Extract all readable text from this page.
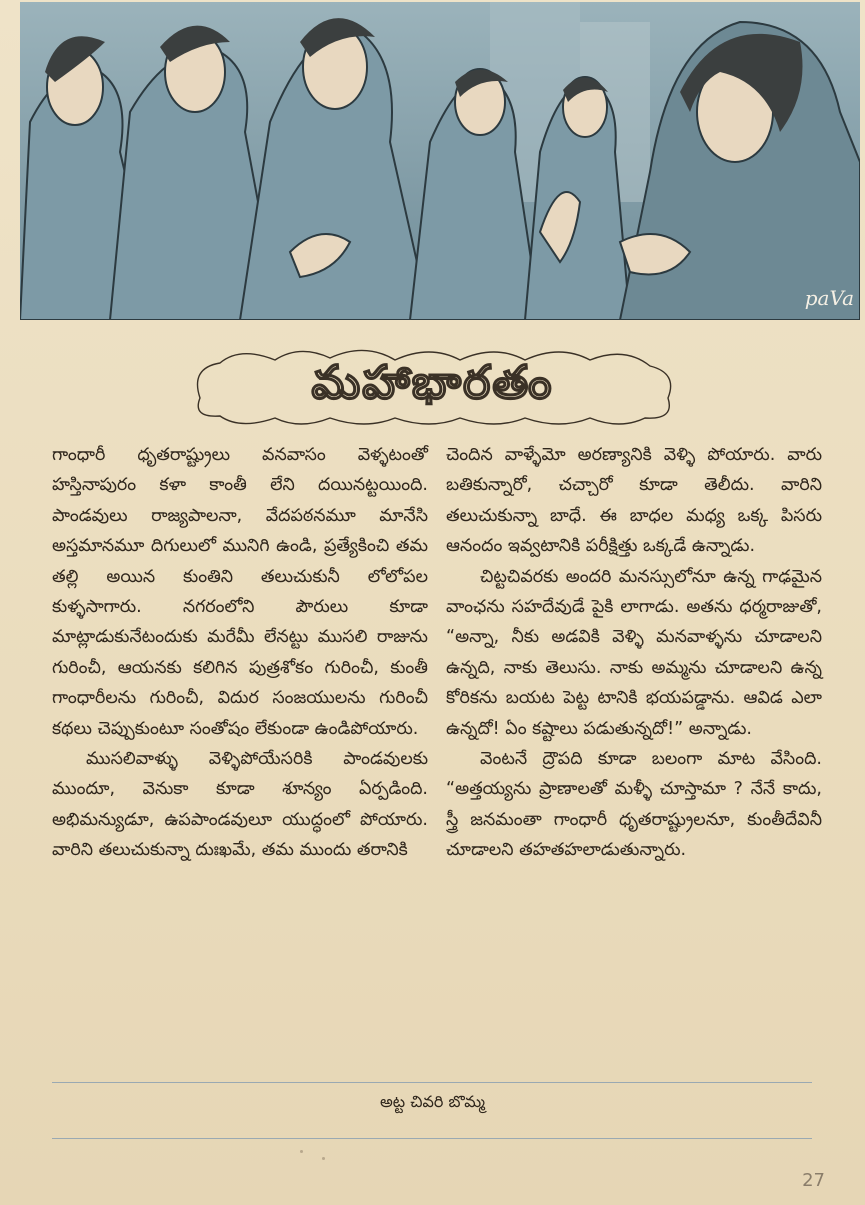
paVa
మహాభారతం

గాంధారీ ధృతరాష్ట్రులు వనవాసం వెళ్ళటంతో హస్తినాపురం కళా కాంతీ లేని దయినట్టయింది. పాండవులు రాజ్యపాలనా, వేదపఠనమూ మానేసి అస్తమానమూ దిగులులో మునిగి ఉండి, ప్రత్యేకించి తమ తల్లి అయిన కుంతిని తలుచుకునీ లోలోపల కుళ్ళసాగారు. నగరంలోని పౌరులు కూడా మాట్లాడుకునేటందుకు మరేమీ లేనట్టు ముసలి రాజును గురించీ, ఆయనకు కలిగిన పుత్రశోకం గురించీ, కుంతీ గాంధారీలను గురించీ, విదుర సంజయులను గురించీ కథలు చెప్పుకుంటూ సంతోషం లేకుండా ఉండిపోయారు.

ముసలివాళ్ళు వెళ్ళిపోయేసరికి పాండవులకు ముందూ, వెనుకా కూడా శూన్యం ఏర్పడింది. అభిమన్యుడూ, ఉపపాండవులూ యుద్ధంలో పోయారు. వారిని తలుచుకున్నా దుఃఖమే, తమ ముందు తరానికి

చెందిన వాళ్ళేమో అరణ్యానికి వెళ్ళి పోయారు. వారు బతికున్నారో, చచ్చారో కూడా తెలీదు. వారిని తలుచుకున్నా బాధే. ఈ బాధల మధ్య ఒక్క పిసరు ఆనందం ఇవ్వటానికి పరీక్షిత్తు ఒక్కడే ఉన్నాడు.

చిట్టచివరకు అందరి మనస్సులోనూ ఉన్న గాఢమైన వాంఛను సహదేవుడే పైకి లాగాడు. అతను ధర్మరాజుతో, “అన్నా, నీకు అడవికి వెళ్ళి మనవాళ్ళను చూడాలని ఉన్నది, నాకు తెలుసు. నాకు అమ్మను చూడాలని ఉన్న కోరికను బయట పెట్ట టానికి భయపడ్డాను. ఆవిడ ఎలా ఉన్నదో! ఏం కష్టాలు పడుతున్నదో!” అన్నాడు.

వెంటనే ద్రౌపది కూడా బలంగా మాట వేసింది. “అత్తయ్యను ప్రాణాలతో మళ్ళీ చూస్తామా ? నేనే కాదు, స్త్రీ జనమంతా గాంధారీ ధృతరాష్ట్రులనూ, కుంతీదేవినీ చూడాలని తహతహలాడుతున్నారు.

అట్ట చివరి బొమ్మ
27
